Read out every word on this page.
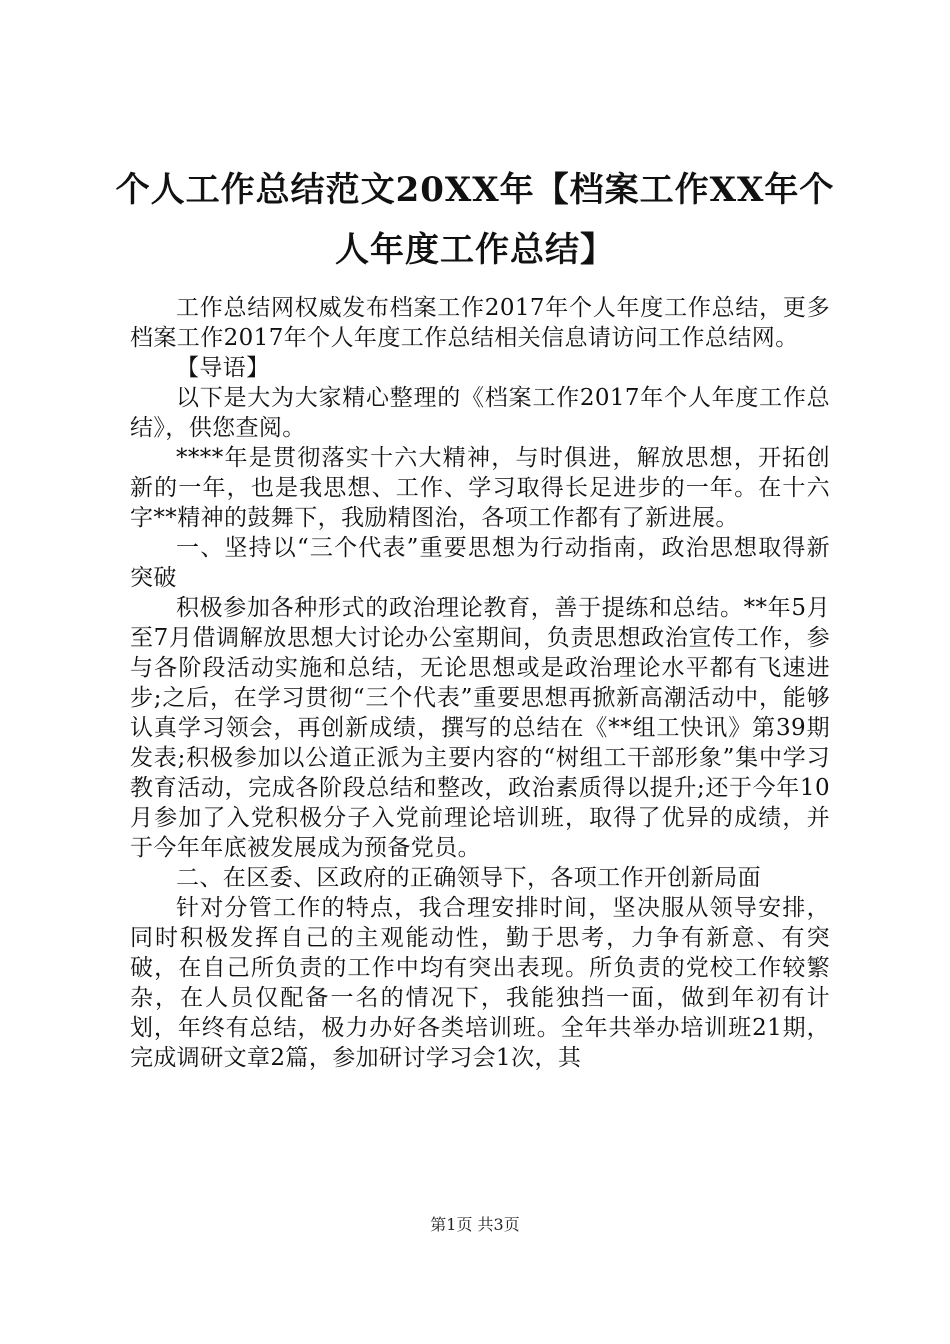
个人工作总结范文20XX年【档案工作XX年个人年度工作总结】

工作总结网权威发布档案工作2017年个人年度工作总结，更多档案工作2017年个人年度工作总结相关信息请访问工作总结网。

【导语】

以下是大为大家精心整理的《档案工作2017年个人年度工作总结》，供您查阅。

****年是贯彻落实十六大精神，与时俱进，解放思想，开拓创新的一年，也是我思想、工作、学习取得长足进步的一年。在十六字**精神的鼓舞下，我励精图治，各项工作都有了新进展。

一、坚持以“三个代表”重要思想为行动指南，政治思想取得新突破

积极参加各种形式的政治理论教育，善于提练和总结。**年5月至7月借调解放思想大讨论办公室期间，负责思想政治宣传工作，参与各阶段活动实施和总结，无论思想或是政治理论水平都有飞速进步;之后，在学习贯彻“三个代表”重要思想再掀新高潮活动中，能够认真学习领会，再创新成绩，撰写的总结在《**组工快讯》第39期发表;积极参加以公道正派为主要内容的“树组工干部形象”集中学习教育活动，完成各阶段总结和整改，政治素质得以提升;还于今年10月参加了入党积极分子入党前理论培训班，取得了优异的成绩，并于今年年底被发展成为预备党员。

二、在区委、区政府的正确领导下，各项工作开创新局面

针对分管工作的特点，我合理安排时间，坚决服从领导安排，同时积极发挥自己的主观能动性，勤于思考，力争有新意、有突破，在自己所负责的工作中均有突出表现。所负责的党校工作较繁杂，在人员仅配备一名的情况下，我能独挡一面，做到年初有计划，年终有总结，极力办好各类培训班。全年共举办培训班21期，完成调研文章2篇，参加研讨学习会1次，其

第1页 共3页
